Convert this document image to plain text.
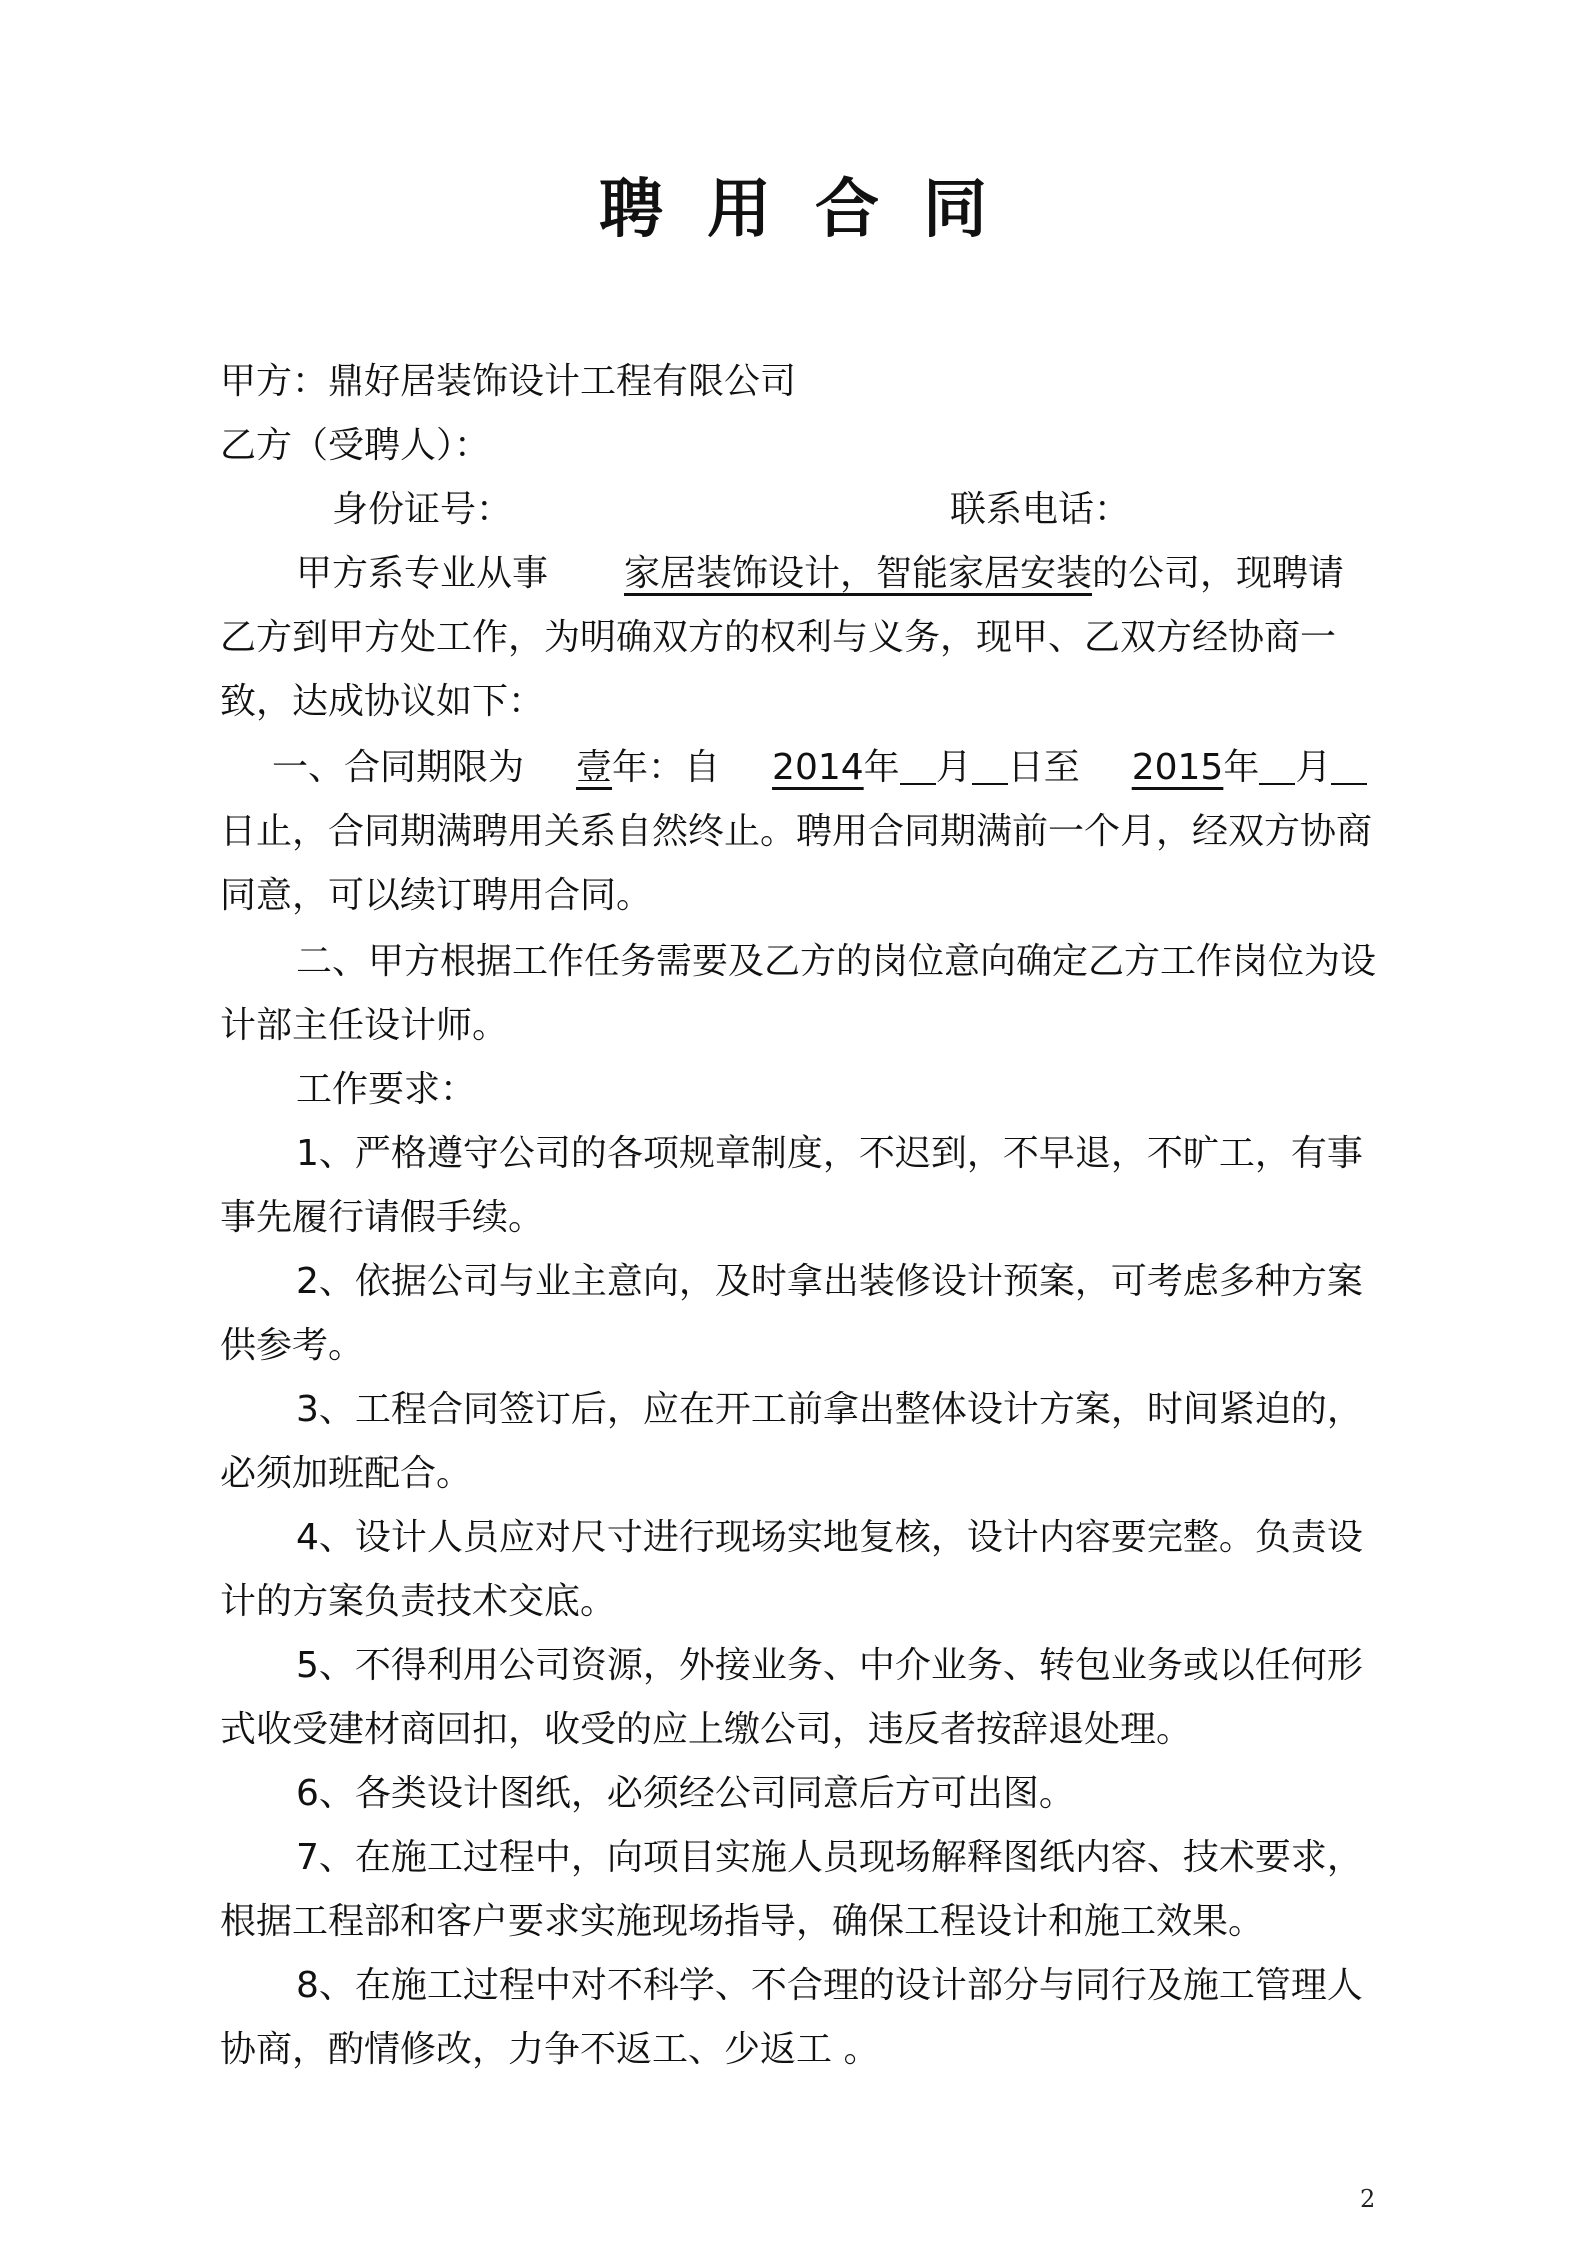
聘用合同
甲方：鼎好居装饰设计工程有限公司
乙方（受聘人）：
身份证号：	联系电话：

甲方系专业从事 家居装饰设计，智能家居安装的公司，现聘请乙方到甲方处工作，为明确双方的权利与义务，现甲、乙双方经协商一致，达成协议如下：

一、合同期限为 壹年：自 2014年 月 日至 2015年 月日止，合同期满聘用关系自然终止。聘用合同期满前一个月，经双方协商同意，可以续订聘用合同。

二、甲方根据工作任务需要及乙方的岗位意向确定乙方工作岗位为设计部主任设计师。

工作要求：

1、严格遵守公司的各项规章制度，不迟到，不早退，不旷工，有事事先履行请假手续。

2、依据公司与业主意向，及时拿出装修设计预案，可考虑多种方案供参考。

3、工程合同签订后，应在开工前拿出整体设计方案，时间紧迫的，必须加班配合。

4、设计人员应对尺寸进行现场实地复核，设计内容要完整。负责设计的方案负责技术交底。

5、不得利用公司资源，外接业务、中介业务、转包业务或以任何形式收受建材商回扣，收受的应上缴公司，违反者按辞退处理。

6、各类设计图纸，必须经公司同意后方可出图。

7、在施工过程中，向项目实施人员现场解释图纸内容、技术要求，根据工程部和客户要求实施现场指导，确保工程设计和施工效果。

8、在施工过程中对不科学、不合理的设计部分与同行及施工管理人协商，酌情修改，力争不返工、少返工 。

2
